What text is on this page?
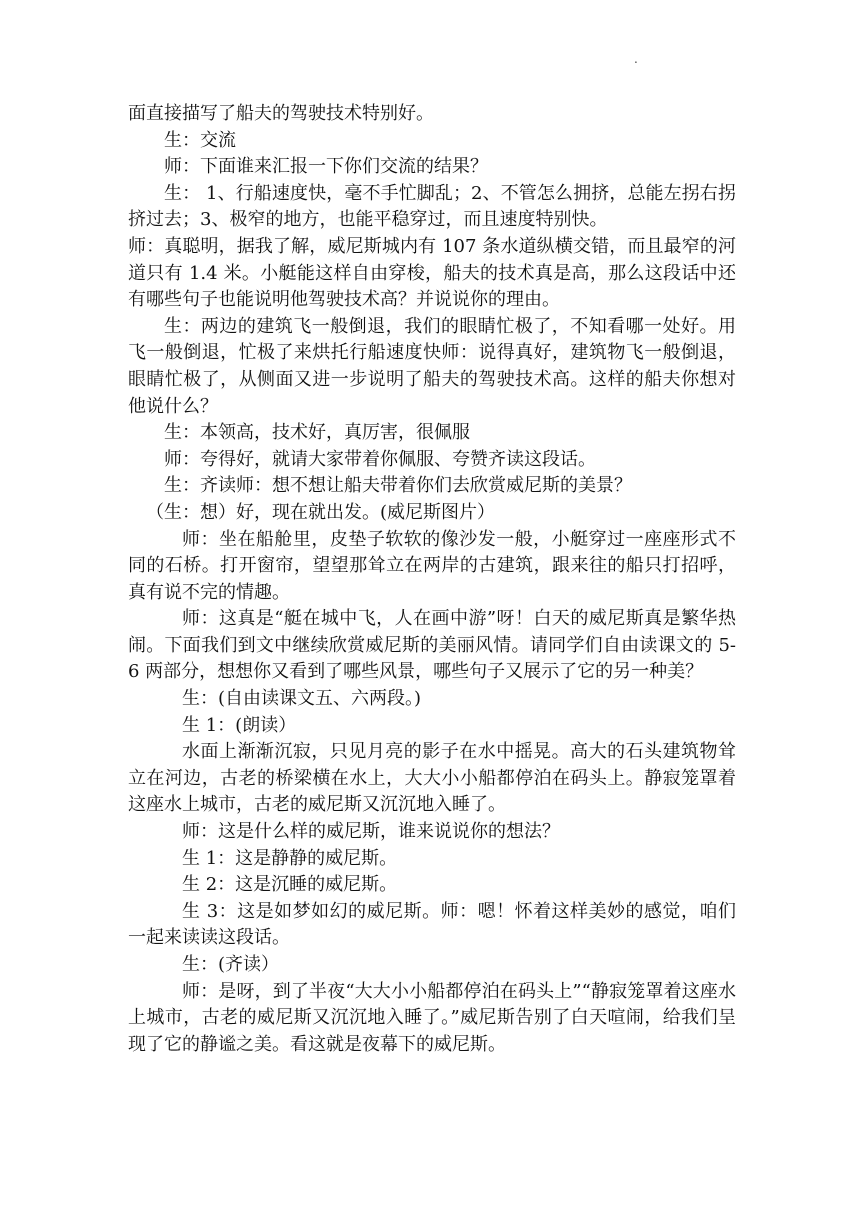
.

面直接描写了船夫的驾驶技术特别好。

生：交流

师：下面谁来汇报一下你们交流的结果？

生： 1、行船速度快，毫不手忙脚乱；2、不管怎么拥挤，总能左拐右拐挤过去；3、极窄的地方，也能平稳穿过，而且速度特别快。

师：真聪明，据我了解，威尼斯城内有 107 条水道纵横交错，而且最窄的河道只有 1.4 米。小艇能这样自由穿梭，船夫的技术真是高，那么这段话中还有哪些句子也能说明他驾驶技术高？并说说你的理由。

生：两边的建筑飞一般倒退，我们的眼睛忙极了，不知看哪一处好。用飞一般倒退，忙极了来烘托行船速度快师：说得真好，建筑物飞一般倒退，眼睛忙极了，从侧面又进一步说明了船夫的驾驶技术高。这样的船夫你想对他说什么？

生：本领高，技术好，真厉害，很佩服

师：夸得好，就请大家带着你佩服、夸赞齐读这段话。

生：齐读师：想不想让船夫带着你们去欣赏威尼斯的美景？

（生：想）好，现在就出发。(威尼斯图片）

师：坐在船舱里，皮垫子软软的像沙发一般，小艇穿过一座座形式不同的石桥。打开窗帘，望望那耸立在两岸的古建筑，跟来往的船只打招呼，真有说不完的情趣。

师：这真是“艇在城中飞，人在画中游”呀！白天的威尼斯真是繁华热闹。下面我们到文中继续欣赏威尼斯的美丽风情。请同学们自由读课文的 5-6 两部分，想想你又看到了哪些风景，哪些句子又展示了它的另一种美？

生：(自由读课文五、六两段。)

生 1：(朗读）

水面上渐渐沉寂，只见月亮的影子在水中摇晃。高大的石头建筑物耸立在河边，古老的桥梁横在水上，大大小小船都停泊在码头上。静寂笼罩着这座水上城市，古老的威尼斯又沉沉地入睡了。

师：这是什么样的威尼斯，谁来说说你的想法？

生 1：这是静静的威尼斯。

生 2：这是沉睡的威尼斯。

生 3：这是如梦如幻的威尼斯。师：嗯！怀着这样美妙的感觉，咱们一起来读读这段话。

生：(齐读）

师：是呀，到了半夜“大大小小船都停泊在码头上”“静寂笼罩着这座水上城市，古老的威尼斯又沉沉地入睡了。”威尼斯告别了白天喧闹，给我们呈现了它的静谧之美。看这就是夜幕下的威尼斯。
